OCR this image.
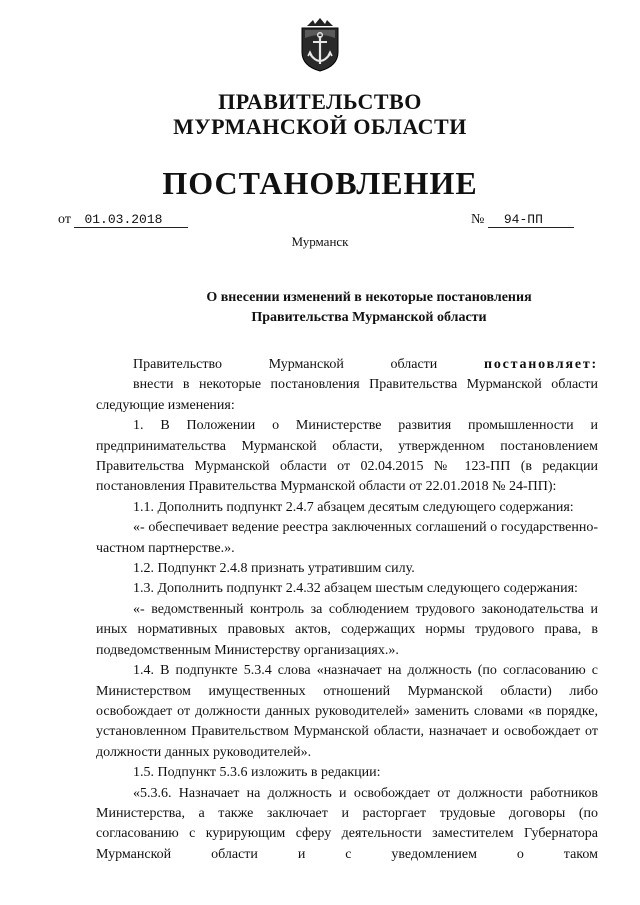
ПРАВИТЕЛЬСТВО
МУРМАНСКОЙ ОБЛАСТИ
ПОСТАНОВЛЕНИЕ
от 01.03.2018	№ 94-ПП
Мурманск
О внесении изменений в некоторые постановления
Правительства Мурманской области

Правительство Мурманской области постановляет:

внести в некоторые постановления Правительства Мурманской области следующие изменения:

1. В Положении о Министерстве развития промышленности и предпринимательства Мурманской области, утвержденном постановлением Правительства Мурманской области от 02.04.2015 № 123-ПП (в редакции постановления Правительства Мурманской области от 22.01.2018 № 24-ПП):

1.1. Дополнить подпункт 2.4.7 абзацем десятым следующего содержания:

«- обеспечивает ведение реестра заключенных соглашений о государственно-частном партнерстве.».

1.2. Подпункт 2.4.8 признать утратившим силу.

1.3. Дополнить подпункт 2.4.32 абзацем шестым следующего содержания:

«- ведомственный контроль за соблюдением трудового законодательства и иных нормативных правовых актов, содержащих нормы трудового права, в подведомственным Министерству организациях.».

1.4. В подпункте 5.3.4 слова «назначает на должность (по согласованию с Министерством имущественных отношений Мурманской области) либо освобождает от должности данных руководителей» заменить словами «в порядке, установленном Правительством Мурманской области, назначает и освобождает от должности данных руководителей».

1.5. Подпункт 5.3.6 изложить в редакции:

«5.3.6. Назначает на должность и освобождает от должности работников Министерства, а также заключает и расторгает трудовые договоры (по согласованию с курирующим сферу деятельности заместителем Губернатора Мурманской области и с уведомлением о таком
